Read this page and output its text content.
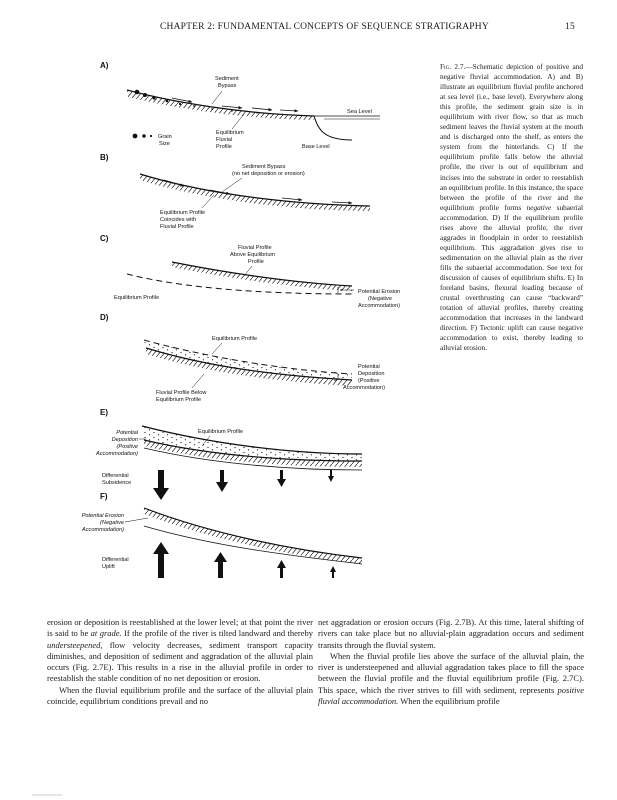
CHAPTER 2: FUNDAMENTAL CONCEPTS OF SEQUENCE STRATIGRAPHY	15
A)
Sediment
Bypass
Sea Level
Grain
Size
Equilibrium
Fluvial
Profile	Base Level
B)
Sediment Bypass
(no net deposition or erosion)
Equilibrium Profile
Coincides with
Fluvial Profile
C)
Fluvial Profile
Above Equilibrium
Profile
Equilibrium Profile
Potential Erosion
(Negative
Accommodation)
D)
Equilibrium Profile
Potential
Deposition
(Positive
Accommodation)
Fluvial Profile Below
Equilibrium Profile
E)
Equilibrium Profile
Potential
Deposition
(Positive
Accommodation)
Differential
Subsidence
F)
Potential Erosion
(Negative
Accommodation)
Differential
Uplift
Fig. 2.7.—Schematic depiction of positive and negative fluvial accommodation. A) and B) illustrate an equilibrium fluvial profile anchored at sea level (i.e., base level). Everywhere along this profile, the sediment grain size is in equilibrium with river flow, so that as much sediment leaves the fluvial system at the mouth and is discharged onto the shelf, as enters the system from the hinterlands. C) If the equilibrium profile falls below the alluvial profile, the river is out of equilibrium and incises into the substrate in order to reestablish an equilibrium profile. In this instance, the space between the profile of the river and the equilibrium profile forms negative subaerial accommodation. D) If the equilibrium profile rises above the alluvial profile, the river aggrades in floodplain in order to reestablish equilibrium. This aggradation gives rise to sedimentation on the alluvial plain as the river fills the subaerial accommodation. See text for discussion of causes of equilibrium shifts. E) In foreland basins, flexural loading because of crustal overthrusting can cause “backward” rotation of alluvial profiles, thereby creating accommodation that increases in the landward direction. F) Tectonic uplift can cause negative accommodation to exist, thereby leading to alluvial erosion.

erosion or deposition is reestablished at the lower level; at that point the river is said to be at grade. If the profile of the river is tilted landward and thereby understeepened, flow velocity decreases, sediment transport capacity diminishes, and deposition of sediment and aggradation of the alluvial plain occurs (Fig. 2.7E). This results in a rise in the alluvial profile in order to reestablish the stable condition of no net deposition or erosion.

When the fluvial equilibrium profile and the surface of the alluvial plain coincide, equilibrium conditions prevail and no

net aggradation or erosion occurs (Fig. 2.7B). At this time, lateral shifting of rivers can take place but no alluvial-plain aggradation occurs and sediment transits through the fluvial system.

When the fluvial profile lies above the surface of the alluvial plain, the river is understeepened and alluvial aggradation takes place to fill the space between the fluvial profile and the fluvial equilibrium profile (Fig. 2.7C). This space, which the river strives to fill with sediment, represents positive fluvial accommodation. When the equilibrium profile
